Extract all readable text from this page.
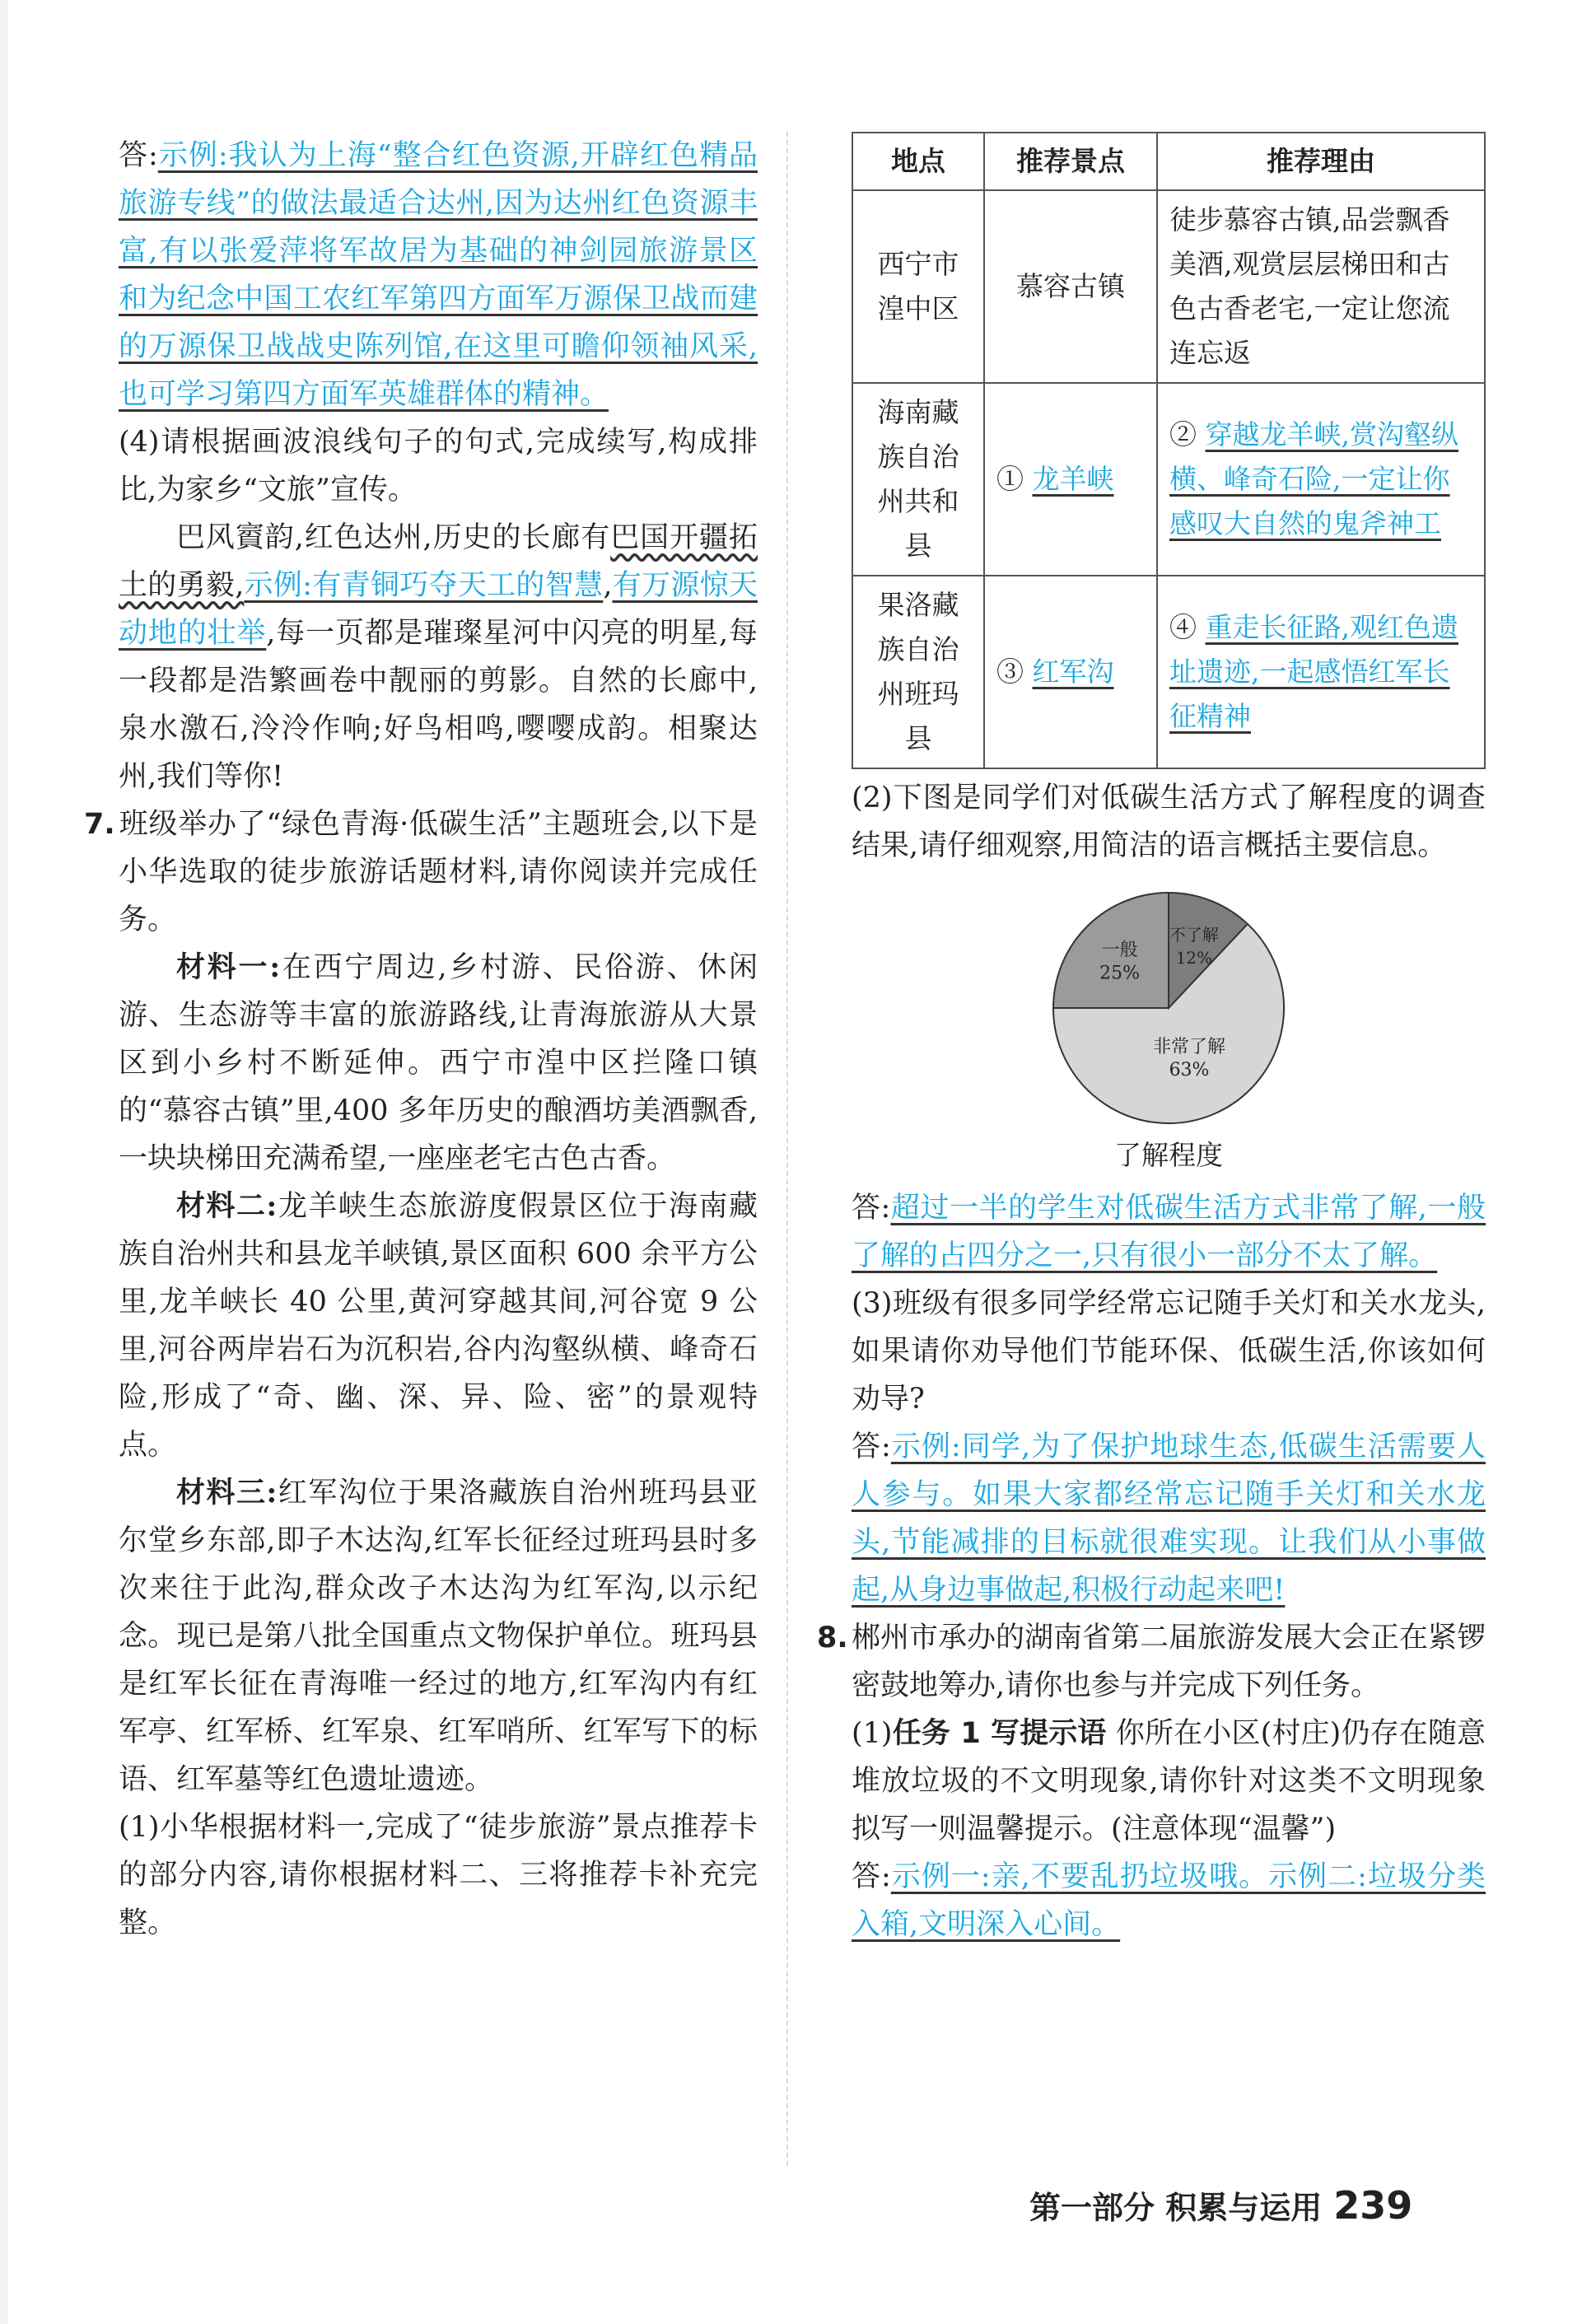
答:示例:我认为上海“整合红色资源,开辟红色精品旅游专线”的做法最适合达州,因为达州红色资源丰富,有以张爱萍将军故居为基础的神剑园旅游景区和为纪念中国工农红军第四方面军万源保卫战而建的万源保卫战战史陈列馆,在这里可瞻仰领袖风采,也可学习第四方面军英雄群体的精神。

(4)请根据画波浪线句子的句式,完成续写,构成排比,为家乡“文旅”宣传。

巴风賨韵,红色达州,历史的长廊有巴国开疆拓土的勇毅,示例:有青铜巧夺天工的智慧,有万源惊天动地的壮举,每一页都是璀璨星河中闪亮的明星,每一段都是浩繁画卷中靓丽的剪影。自然的长廊中,泉水激石,泠泠作响;好鸟相鸣,嘤嘤成韵。相聚达州,我们等你!

7. 班级举办了“绿色青海·低碳生活”主题班会,以下是小华选取的徒步旅游话题材料,请你阅读并完成任务。

材料一:在西宁周边,乡村游、民俗游、休闲游、生态游等丰富的旅游路线,让青海旅游从大景区到小乡村不断延伸。西宁市湟中区拦隆口镇的“慕容古镇”里,400 多年历史的酿酒坊美酒飘香,一块块梯田充满希望,一座座老宅古色古香。

材料二:龙羊峡生态旅游度假景区位于海南藏族自治州共和县龙羊峡镇,景区面积 600 余平方公里,龙羊峡长 40 公里,黄河穿越其间,河谷宽 9 公里,河谷两岸岩石为沉积岩,谷内沟壑纵横、峰奇石险,形成了“奇、幽、深、异、险、密”的景观特点。

材料三:红军沟位于果洛藏族自治州班玛县亚尔堂乡东部,即子木达沟,红军长征经过班玛县时多次来往于此沟,群众改子木达沟为红军沟,以示纪念。现已是第八批全国重点文物保护单位。班玛县是红军长征在青海唯一经过的地方,红军沟内有红军亭、红军桥、红军泉、红军哨所、红军写下的标语、红军墓等红色遗址遗迹。

(1)小华根据材料一,完成了“徒步旅游”景点推荐卡的部分内容,请你根据材料二、三将推荐卡补充完整。

地点	推荐景点	推荐理由
西宁市湟中区	慕容古镇	徒步慕容古镇,品尝飘香美酒,观赏层层梯田和古色古香老宅,一定让您流连忘返
海南藏族自治州共和县	① 龙羊峡	② 穿越龙羊峡,赏沟壑纵横、峰奇石险,一定让你感叹大自然的鬼斧神工
果洛藏族自治州班玛县	③ 红军沟	④ 重走长征路,观红色遗址遗迹,一起感悟红军长征精神

(2)下图是同学们对低碳生活方式了解程度的调查结果,请仔细观察,用简洁的语言概括主要信息。

非常了解
63%
一般
25%
不了解
12%
了解程度

答:超过一半的学生对低碳生活方式非常了解,一般了解的占四分之一,只有很小一部分不太了解。

(3)班级有很多同学经常忘记随手关灯和关水龙头,如果请你劝导他们节能环保、低碳生活,你该如何劝导?

答:示例:同学,为了保护地球生态,低碳生活需要人人参与。如果大家都经常忘记随手关灯和关水龙头,节能减排的目标就很难实现。让我们从小事做起,从身边事做起,积极行动起来吧!

8. 郴州市承办的湖南省第二届旅游发展大会正在紧锣密鼓地筹办,请你也参与并完成下列任务。

(1)任务 1 写提示语 你所在小区(村庄)仍存在随意堆放垃圾的不文明现象,请你针对这类不文明现象拟写一则温馨提示。(注意体现“温馨”)

答:示例一:亲,不要乱扔垃圾哦。示例二:垃圾分类入箱,文明深入心间。

第一部分 积累与运用 239
